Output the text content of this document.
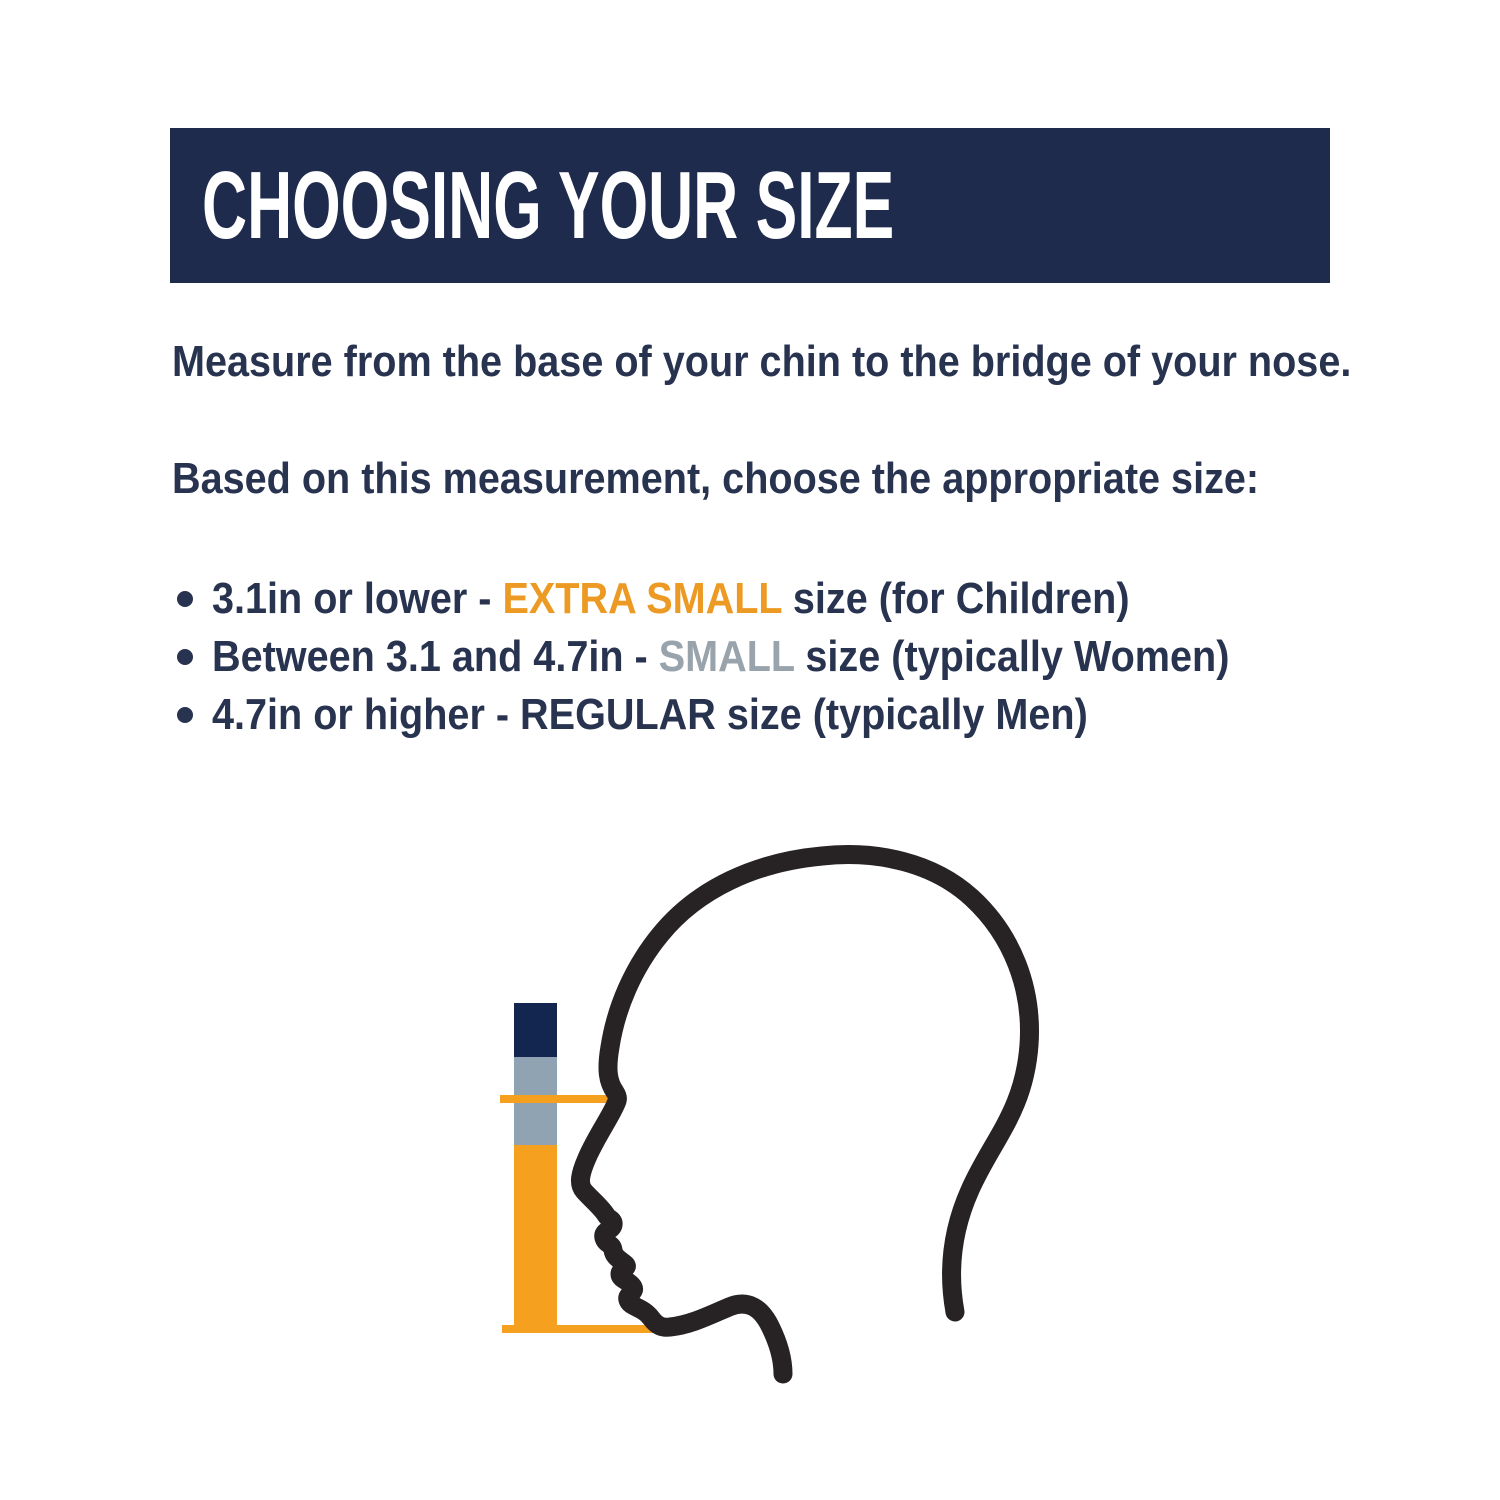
CHOOSING YOUR SIZE
Measure from the base of your chin to the bridge of your nose.
Based on this measurement, choose the appropriate size:
3.1in or lower - EXTRA SMALL size (for Children)
Between 3.1 and 4.7in - SMALL size (typically Women)
4.7in or higher - REGULAR size (typically Men)
